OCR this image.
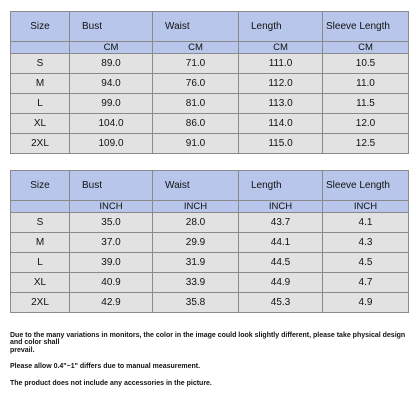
Size	Bust	Waist	Length	Sleeve Length
	CM	CM	CM	CM
S	89.0	71.0	111.0	10.5
M	94.0	76.0	112.0	11.0
L	99.0	81.0	113.0	11.5
XL	104.0	86.0	114.0	12.0
2XL	109.0	91.0	115.0	12.5
Size	Bust	Waist	Length	Sleeve Length
	INCH	INCH	INCH	INCH
S	35.0	28.0	43.7	4.1
M	37.0	29.9	44.1	4.3
L	39.0	31.9	44.5	4.5
XL	40.9	33.9	44.9	4.7
2XL	42.9	35.8	45.3	4.9
Due to the many variations in monitors, the color in the image could look slightly different, please take physical design and color shall
prevail.
Please allow 0.4"~1" differs due to manual measurement.
The product does not include any accessories in the picture.
